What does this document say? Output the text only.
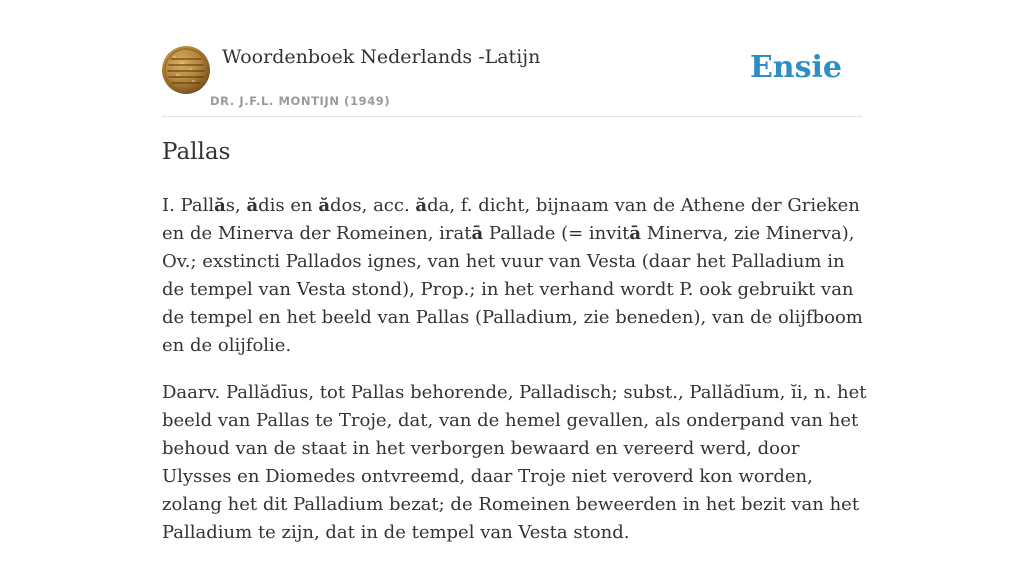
Woordenboek Nederlands -Latijn
DR. J.F.L. MONTIJN (1949)
Ensie
Pallas

I. Pallăs, ădis en ădos, acc. ăda, f. dicht, bijnaam van de Athene der Grieken en de Minerva der Romeinen, iratā Pallade (= invitā Minerva, zie Minerva), Ov.; exstincti Pallados ignes, van het vuur van Vesta (daar het Palladium in de tempel van Vesta stond), Prop.; in het verhand wordt P. ook gebruikt van de tempel en het beeld van Pallas (Palladium, zie beneden), van de olijfboom en de olijfolie.

Daarv. Pallădīus, tot Pallas behorende, Palladisch; subst., Pallădīum, ĭi, n. het beeld van Pallas te Troje, dat, van de hemel gevallen, als onderpand van het behoud van de staat in het verborgen bewaard en vereerd werd, door Ulysses en Diomedes ontvreemd, daar Troje niet veroverd kon worden, zolang het dit Palladium bezat; de Romeinen beweerden in het bezit van het Palladium te zijn, dat in de tempel van Vesta stond.
